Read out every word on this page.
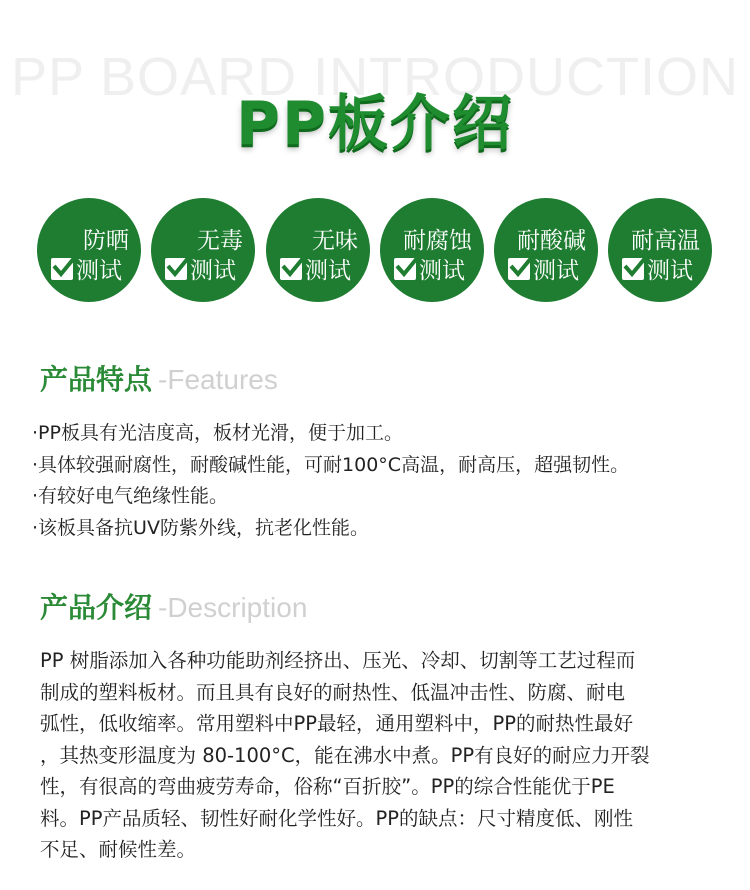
PP BOARD INTRODUCTION
PP板介绍
防晒
测试
无毒
测试
无味
测试
耐腐蚀
测试
耐酸碱
测试
耐高温
测试
产品特点 -Features
·PP板具有光洁度高，板材光滑，便于加工。
·具体较强耐腐性，耐酸碱性能，可耐100°C高温，耐高压，超强韧性。
·有较好电气绝缘性能。
·该板具备抗UV防紫外线，抗老化性能。
产品介绍 -Description
PP 树脂添加入各种功能助剂经挤出、压光、冷却、切割等工艺过程而
制成的塑料板材。而且具有良好的耐热性、低温冲击性、防腐、耐电
弧性，低收缩率。常用塑料中PP最轻，通用塑料中，PP的耐热性最好
，其热变形温度为 80-100°C，能在沸水中煮。PP有良好的耐应力开裂
性，有很高的弯曲疲劳寿命，俗称“百折胶”。PP的综合性能优于PE
料。PP产品质轻、韧性好耐化学性好。PP的缺点：尺寸精度低、刚性
不足、耐候性差。
